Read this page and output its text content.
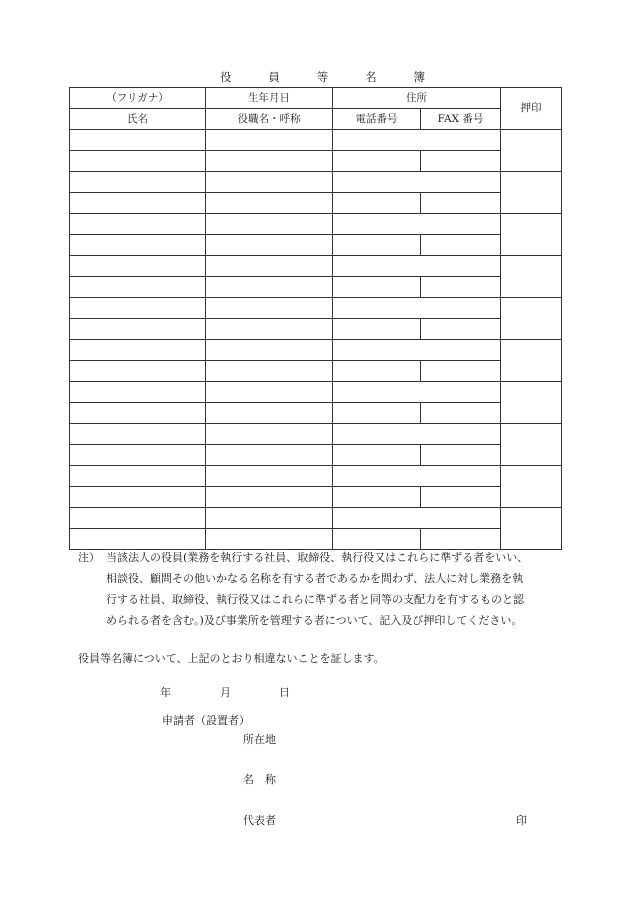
役	員	等	名	簿
（フリガナ）	生年月日	住所		押印
氏名	役職名・呼称	電話番号	FAX 番号	

注） 当該法人の役員(業務を執行する社員、取締役、執行役又はこれらに準ずる者をいい、
相談役、顧問その他いかなる名称を有する者であるかを問わず、法人に対し業務を執
行する社員、取締役、執行役又はこれらに準ずる者と同等の支配力を有するものと認
められる者を含む。)及び事業所を管理する者について、記入及び押印してください。
役員等名簿について、上記のとおり相違ないことを証します。
年	月	日
申請者（設置者）
所在地
名　称
代表者	印
